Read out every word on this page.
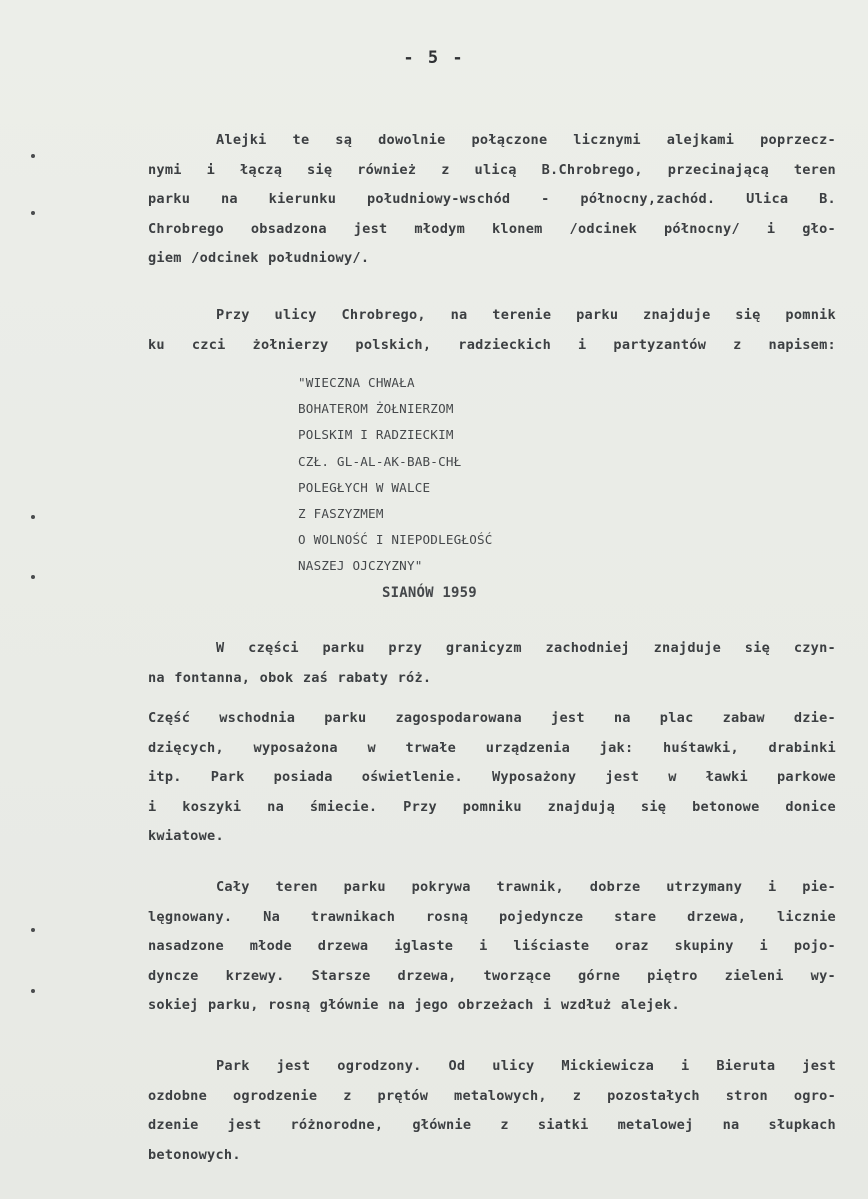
- 5 -
Alejki te są dowolnie połączone licznymi alejkami poprzecz-
nymi i łączą się również z ulicą B.Chrobrego, przecinającą teren
parku na kierunku południowy-wschód - północny,zachód. Ulica B.
Chrobrego obsadzona jest młodym klonem /odcinek północny/ i gło-
giem /odcinek południowy/.
Przy ulicy Chrobrego, na terenie parku znajduje się pomnik
ku czci żołnierzy polskich, radzieckich i partyzantów z napisem:
"WIECZNA CHWAŁA
BOHATEROM ŻOŁNIERZOM
POLSKIM I RADZIECKIM
CZŁ. GL-AL-AK-BAB-CHŁ
POLEGŁYCH W WALCE
Z FASZYZMEM
O WOLNOŚĆ I NIEPODLEGŁOŚĆ
NASZEJ OJCZYZNY"
SIANÓW 1959
W części parku przy granicyzm zachodniej znajduje się czyn-
na fontanna, obok zaś rabaty róż.
Część wschodnia parku zagospodarowana jest na plac zabaw dzie-
dzięcych, wyposażona w trwałe urządzenia jak: huśtawki, drabinki
itp. Park posiada oświetlenie. Wyposażony jest w ławki parkowe
i koszyki na śmiecie. Przy pomniku znajdują się betonowe donice
kwiatowe.
Cały teren parku pokrywa trawnik, dobrze utrzymany i pie-
lęgnowany. Na trawnikach rosną pojedyncze stare drzewa, licznie
nasadzone młode drzewa iglaste i liściaste oraz skupiny i pojo-
dyncze krzewy. Starsze drzewa, tworzące górne piętro zieleni wy-
sokiej parku, rosną głównie na jego obrzeżach i wzdłuż alejek.
Park jest ogrodzony. Od ulicy Mickiewicza i Bieruta jest
ozdobne ogrodzenie z prętów metalowych, z pozostałych stron ogro-
dzenie jest różnorodne, głównie z siatki metalowej na słupkach
betonowych.
